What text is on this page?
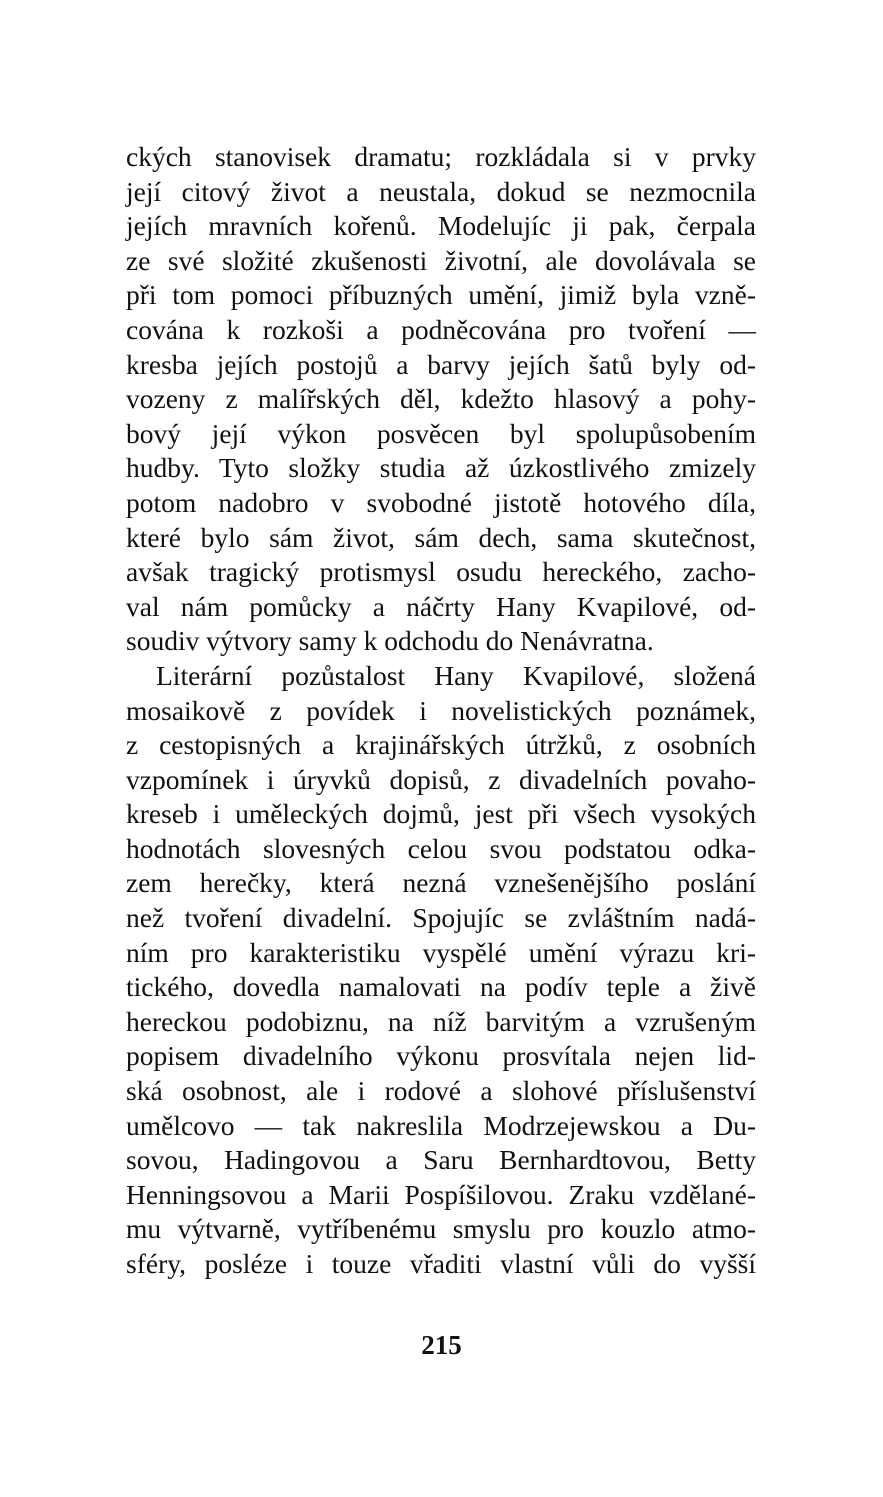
ckých stanovisek dramatu; rozkládala si v prvky
její citový život a neustala, dokud se nezmocnila
jejích mravních kořenů. Modelujíc ji pak, čerpala
ze své složité zkušenosti životní, ale dovolávala se
při tom pomoci příbuzných umění, jimiž byla vzně-
cována k rozkoši a podněcována pro tvoření —
kresba jejích postojů a barvy jejích šatů byly od-
vozeny z malířských děl, kdežto hlasový a pohy-
bový její výkon posvěcen byl spolupůsobením
hudby. Tyto složky studia až úzkostlivého zmizely
potom nadobro v svobodné jistotě hotového díla,
které bylo sám život, sám dech, sama skutečnost,
avšak tragický protismysl osudu hereckého, zacho-
val nám pomůcky a náčrty Hany Kvapilové, od-
soudiv výtvory samy k odchodu do Nenávratna.
Literární pozůstalost Hany Kvapilové, složená
mosaikově z povídek i novelistických poznámek,
z cestopisných a krajinářských útržků, z osobních
vzpomínek i úryvků dopisů, z divadelních povaho-
kreseb i uměleckých dojmů, jest při všech vysokých
hodnotách slovesných celou svou podstatou odka-
zem herečky, která nezná vznešenějšího poslání
než tvoření divadelní. Spojujíc se zvláštním nadá-
ním pro karakteristiku vyspělé umění výrazu kri-
tického, dovedla namalovati na podív teple a živě
hereckou podobiznu, na níž barvitým a vzrušeným
popisem divadelního výkonu prosvítala nejen lid-
ská osobnost, ale i rodové a slohové příslušenství
umělcovo — tak nakreslila Modrzejewskou a Du-
sovou, Hadingovou a Saru Bernhardtovou, Betty
Henningsovou a Marii Pospíšilovou. Zraku vzdělané-
mu výtvarně, vytříbenému smyslu pro kouzlo atmo-
sféry, posléze i touze vřaditi vlastní vůli do vyšší
215
